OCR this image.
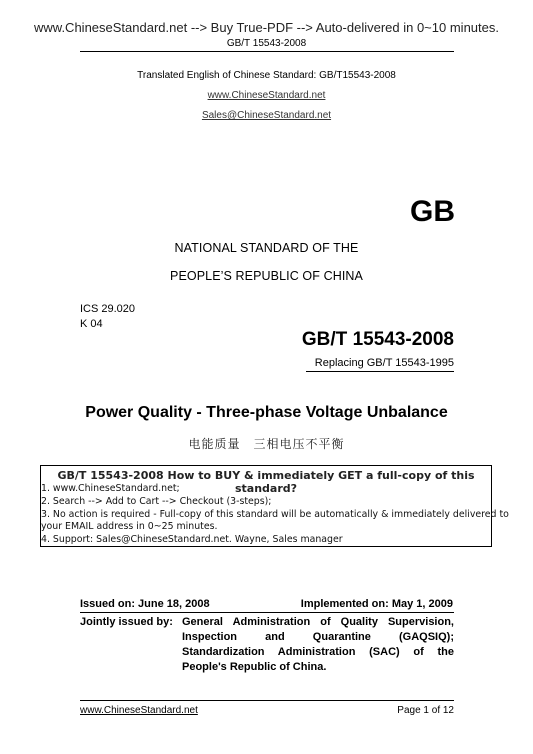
www.ChineseStandard.net --> Buy True-PDF --> Auto-delivered in 0~10 minutes.
GB/T 15543-2008
Translated English of Chinese Standard: GB/T15543-2008
www.ChineseStandard.net
Sales@ChineseStandard.net
GB
NATIONAL STANDARD OF THE
PEOPLE’S REPUBLIC OF CHINA
ICS 29.020
K 04
GB/T 15543-2008
Replacing GB/T 15543-1995
Power Quality - Three-phase Voltage Unbalance
电能质量　三相电压不平衡
GB/T 15543-2008 How to BUY & immediately GET a full-copy of this standard?
1. www.ChineseStandard.net;
2. Search --> Add to Cart --> Checkout (3-steps);
3. No action is required - Full-copy of this standard will be automatically & immediately delivered to
your EMAIL address in 0~25 minutes.
4. Support: Sales@ChineseStandard.net. Wayne, Sales manager
Issued on: June 18, 2008	Implemented on: May 1, 2009
Jointly issued by: General Administration of Quality Supervision, Inspection and Quarantine (GAQSIQ); Standardization Administration (SAC) of the People's Republic of China.
www.ChineseStandard.net	Page 1 of 12
